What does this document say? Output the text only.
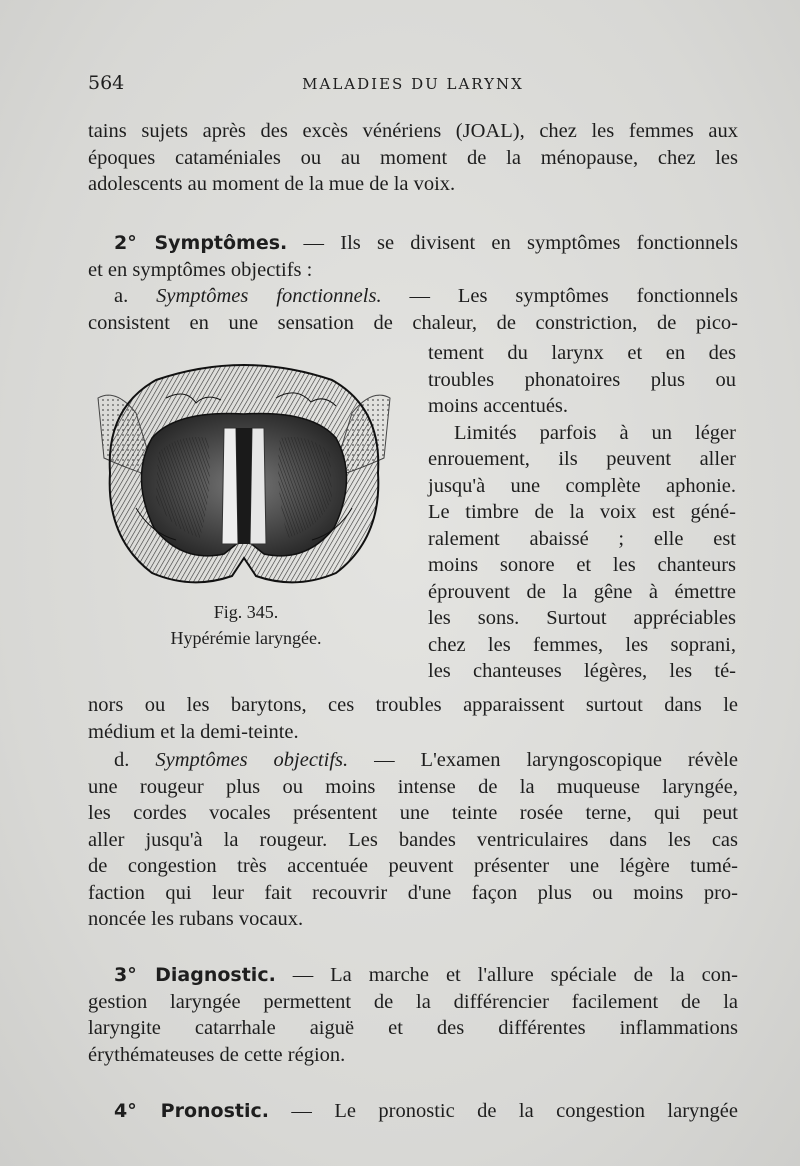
564	MALADIES DU LARYNX
tains sujets après des excès vénériens (JOAL), chez les femmes aux
époques cataméniales ou au moment de la ménopause, chez les
adolescents au moment de la mue de la voix.
2° Symptômes. — Ils se divisent en symptômes fonctionnels
et en symptômes objectifs :
a. Symptômes fonctionnels. — Les symptômes fonctionnels
consistent en une sensation de chaleur, de constriction, de pico-
Fig. 345.
Hypérémie laryngée.
tement du larynx et en des
troubles phonatoires plus ou
moins accentués.
Limités parfois à un léger
enrouement, ils peuvent aller
jusqu'à une complète aphonie.
Le timbre de la voix est géné-
ralement abaissé ; elle est
moins sonore et les chanteurs
éprouvent de la gêne à émettre
les sons. Surtout appréciables
chez les femmes, les soprani,
les chanteuses légères, les té-
nors ou les barytons, ces troubles apparaissent surtout dans le
médium et la demi-teinte.
d. Symptômes objectifs. — L'examen laryngoscopique révèle
une rougeur plus ou moins intense de la muqueuse laryngée,
les cordes vocales présentent une teinte rosée terne, qui peut
aller jusqu'à la rougeur. Les bandes ventriculaires dans les cas
de congestion très accentuée peuvent présenter une légère tumé-
faction qui leur fait recouvrir d'une façon plus ou moins pro-
noncée les rubans vocaux.
3° Diagnostic. — La marche et l'allure spéciale de la con-
gestion laryngée permettent de la différencier facilement de la
laryngite catarrhale aiguë et des différentes inflammations
érythémateuses de cette région.
4° Pronostic. — Le pronostic de la congestion laryngée
